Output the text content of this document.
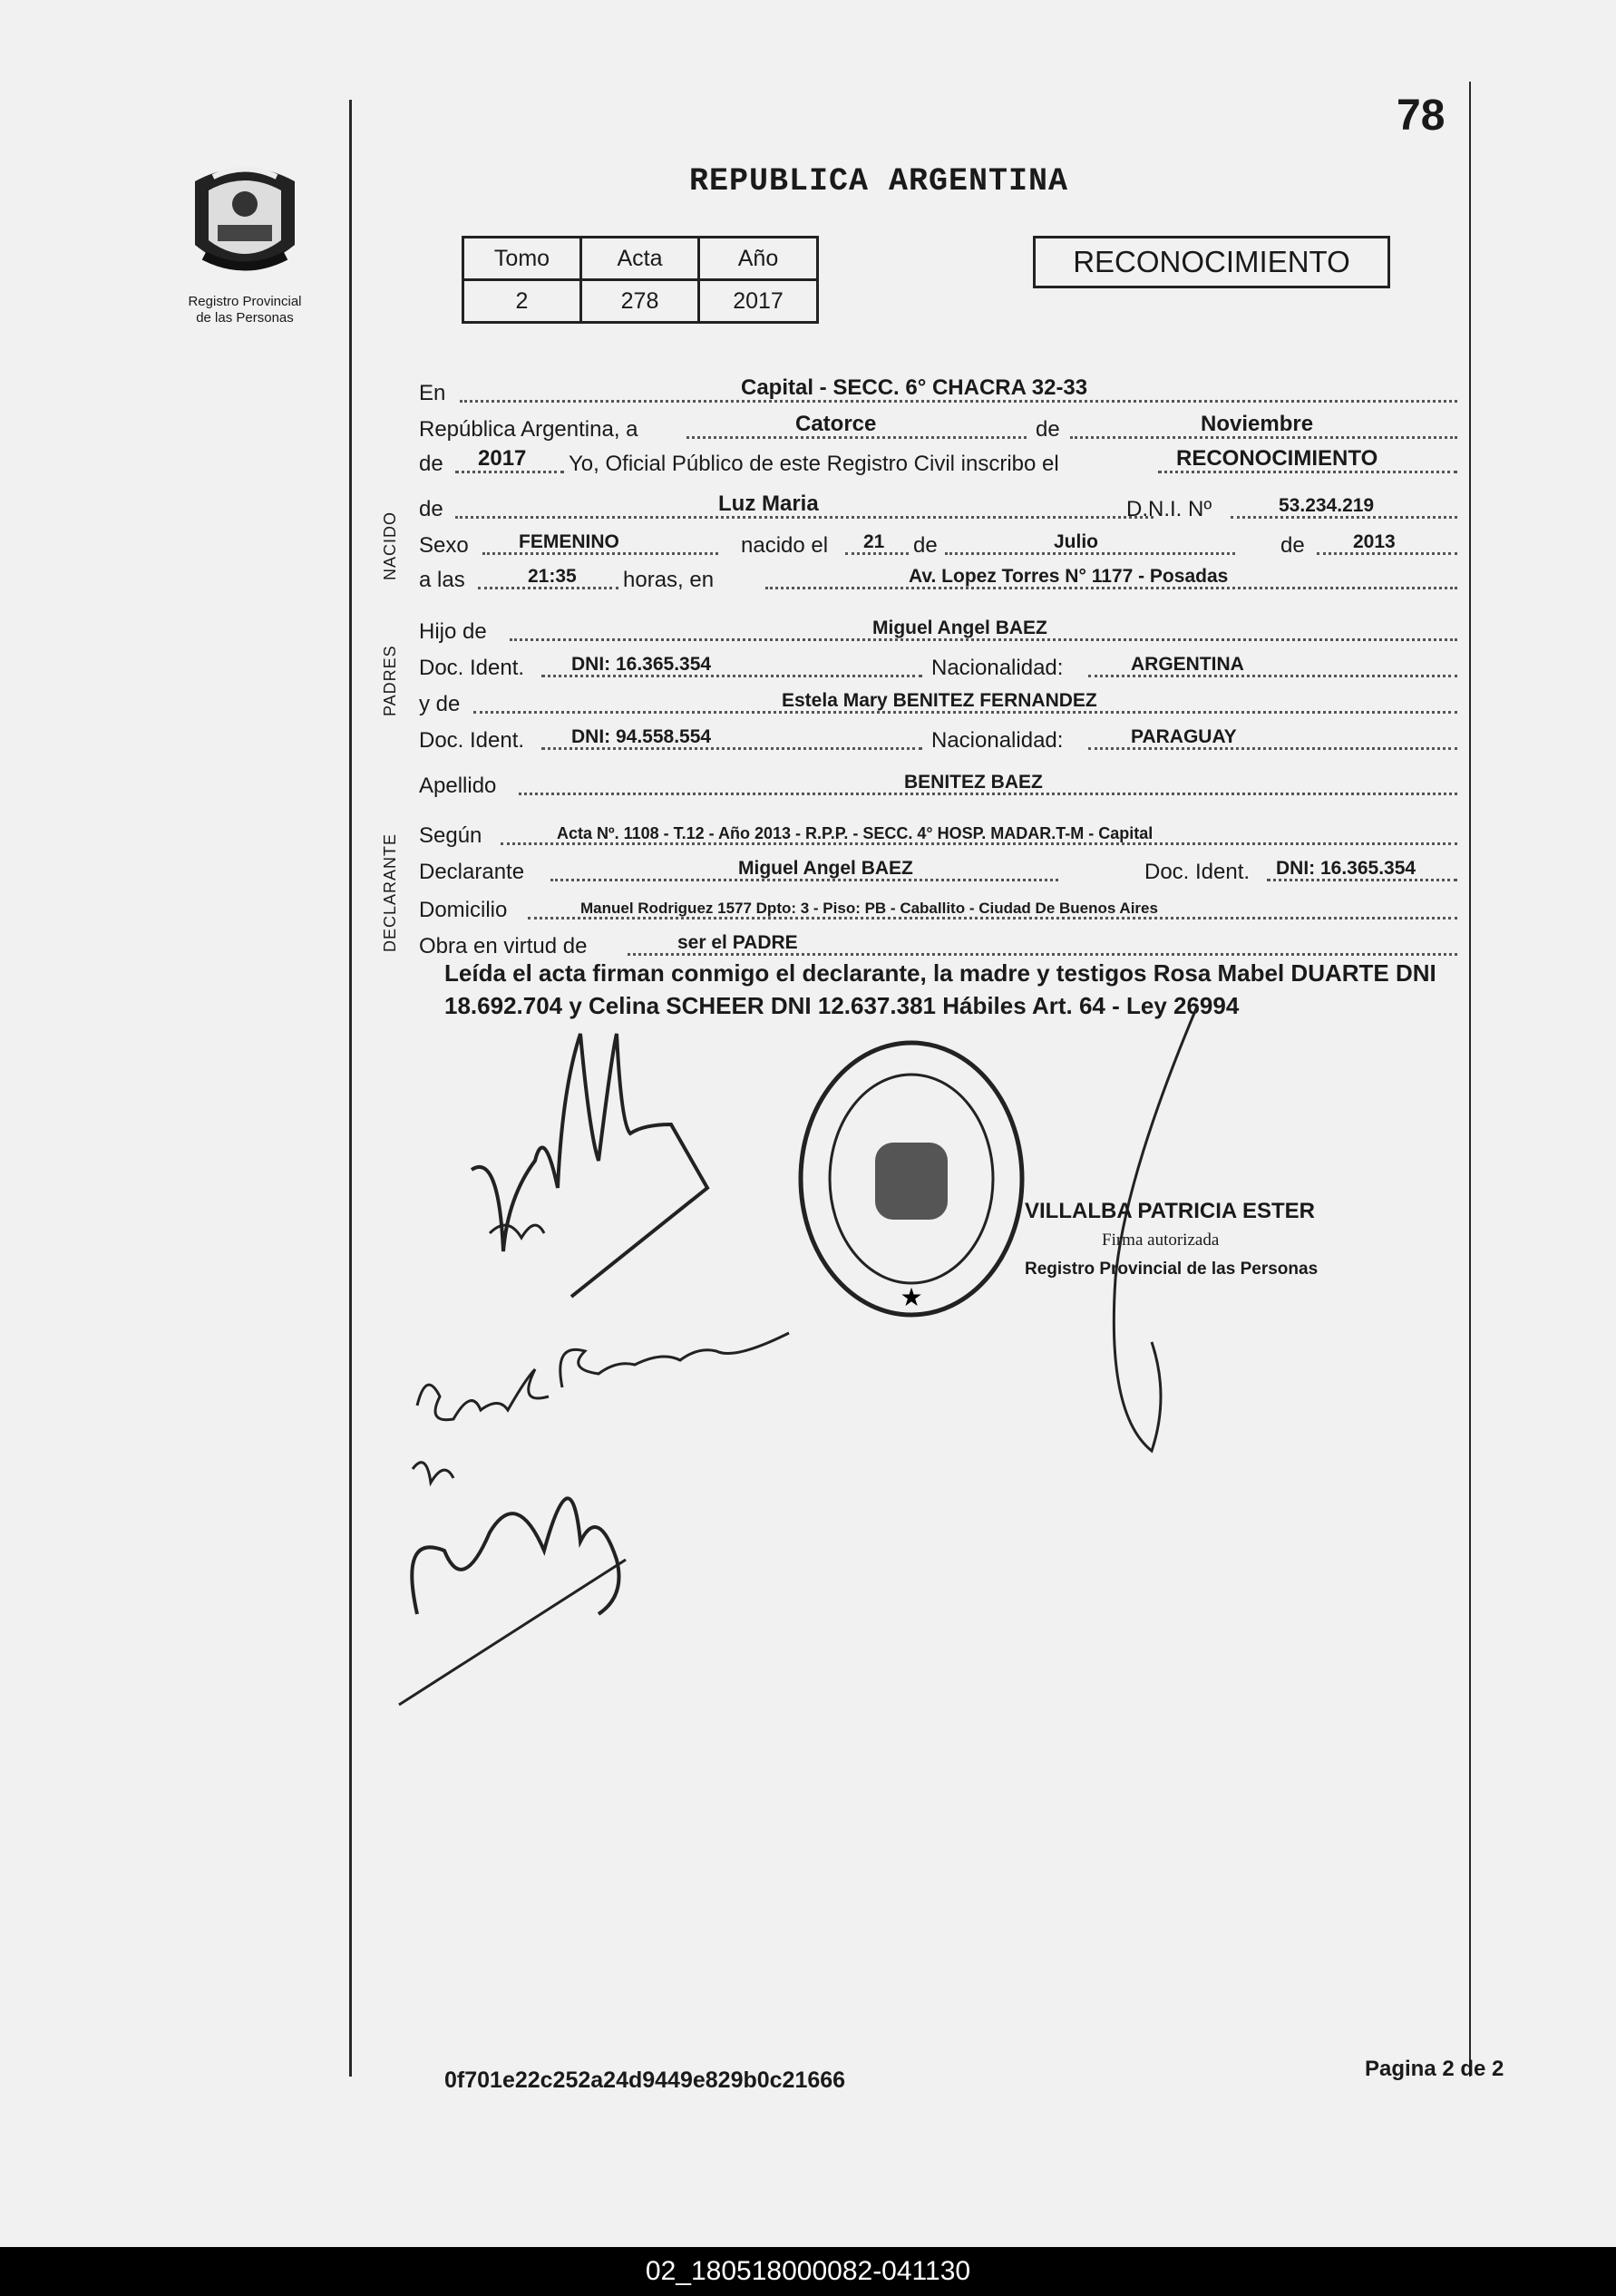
78
Registro Provincial
de las Personas
REPUBLICA ARGENTINA
Tomo	Acta	Año
2	278	2017
RECONOCIMIENTO
NACIDO
PADRES
DECLARANTE
En	Capital - SECC. 6° CHACRA 32-33
República Argentina, a	Catorce	de	Noviembre
de 2017 Yo, Oficial Público de este Registro Civil inscribo el	RECONOCIMIENTO
de	Luz Maria	D.N.I. Nº	53.234.219
Sexo	FEMENINO	nacido el 21 de	Julio	de	2013
a las	21:35 horas, en	Av. Lopez Torres N° 1177 - Posadas
Hijo de	Miguel Angel BAEZ
Doc. Ident. DNI: 16.365.354	Nacionalidad:	ARGENTINA
y de	Estela Mary BENITEZ FERNANDEZ
Doc. Ident. DNI: 94.558.554	Nacionalidad:	PARAGUAY
Apellido	BENITEZ BAEZ
Según	Acta Nº. 1108 - T.12 - Año 2013 - R.P.P. - SECC. 4° HOSP. MADAR.T-M - Capital
Declarante	Miguel Angel BAEZ	Doc. Ident. DNI: 16.365.354
Domicilio	Manuel Rodriguez 1577 Dpto: 3 - Piso: PB - Caballito - Ciudad De Buenos Aires
Obra en virtud de	ser el PADRE
Leída el acta firman conmigo el declarante, la madre y testigos Rosa Mabel DUARTE DNI 18.692.704 y Celina SCHEER DNI 12.637.381 Hábiles Art. 64 - Ley 26994
★
VILLALBA PATRICIA ESTER
Firma autorizada
Registro Provincial de las Personas
0f701e22c252a24d9449e829b0c21666	Pagina 2 de 2
02_180518000082-041130
